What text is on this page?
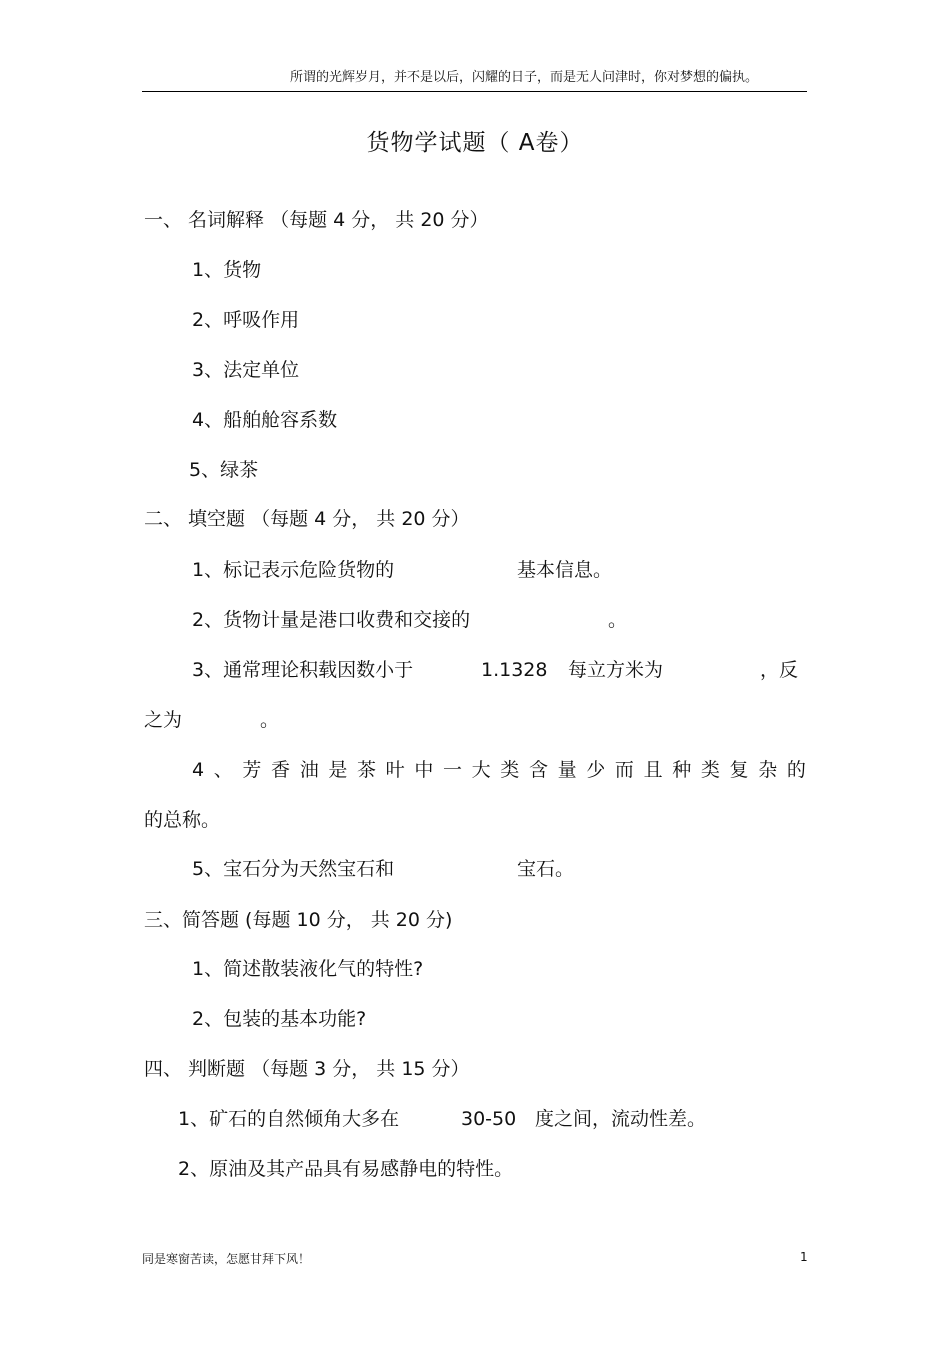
所谓的光辉岁月，并不是以后，闪耀的日子，而是无人问津时，你对梦想的偏执。
货物学试题（ A卷）
一、 名词解释 （每题 4 分， 共 20 分）
1、货物
2、呼吸作用
3、法定单位
4、船舶舱容系数
5、绿茶
二、 填空题 （每题 4 分， 共 20 分）
1、标记表示危险货物的	基本信息。
2、货物计量是港口收费和交接的	。
3、通常理论积载因数小于	1.1328 每立方米为	，反
之为	。
4 、 芳 香 油 是 茶 叶 中 一 大 类 含 量 少 而 且 种 类 复 杂 的
的总称。
5、宝石分为天然宝石和	宝石。
三、简答题 (每题 10 分， 共 20 分)
1、简述散装液化气的特性?
2、包装的基本功能?
四、 判断题 （每题 3 分， 共 15 分）
1、矿石的自然倾角大多在	30-50 度之间，流动性差。
2、原油及其产品具有易感静电的特性。
同是寒窗苦读，怎愿甘拜下风！	1
